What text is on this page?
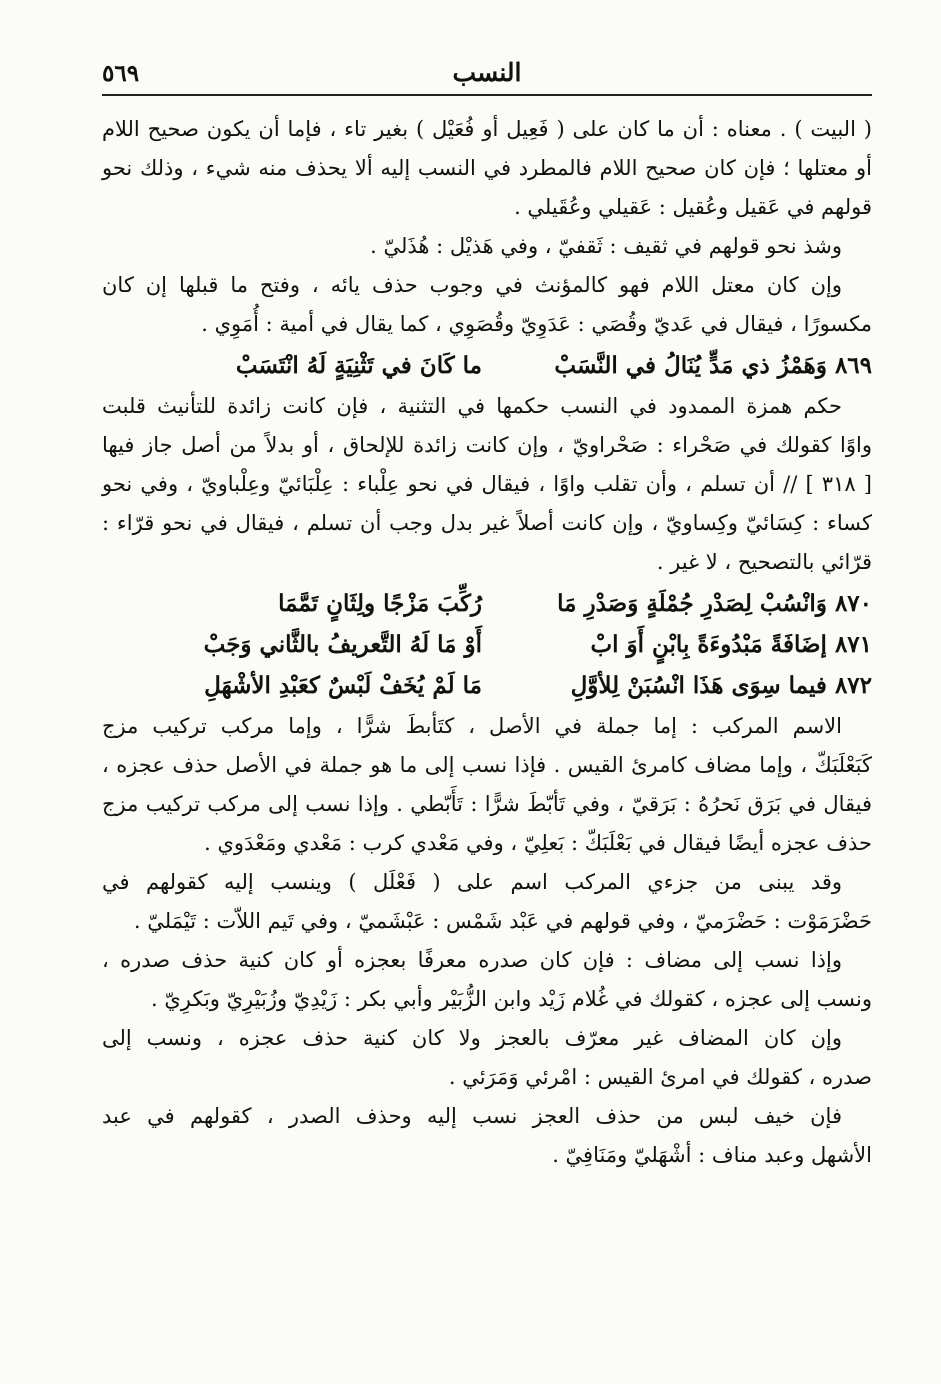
النسب
٥٦٩

( البيت ) . معناه : أن ما كان على ( فَعِيل أو فُعَيْل ) بغير تاء ، فإما أن يكون صحيح اللام

أو معتلها ؛ فإن كان صحيح اللام فالمطرد في النسب إليه ألا يحذف منه شيء ، وذلك نحو

قولهم في عَقيل وعُقيل : عَقيلي وعُقَيلي .

وشذ نحو قولهم في ثقيف : ثَقفيّ ، وفي هَذيْل : هُذَليّ .

وإن كان معتل اللام فهو كالمؤنث في وجوب حذف يائه ، وفتح ما قبلها إن كان

مكسورًا ، فيقال في عَديّ وقُصَي : عَدَوِيّ وقُصَوِي ، كما يقال في أمية : أُمَوِي .

٨٦٩ وَهَمْزُ ذي مَدٍّ يُنَالُ في النَّسَبْ
ما كَانَ في تَثْنِيَةٍ لَهُ انْتَسَبْ

حكم همزة الممدود في النسب حكمها في التثنية ، فإن كانت زائدة للتأنيث قلبت

واوًا كقولك في صَحْراء : صَحْراويّ ، وإن كانت زائدة للإلحاق ، أو بدلاً من أصل جاز فيها

[ ٣١٨ ] // أن تسلم ، وأن تقلب واوًا ، فيقال في نحو عِلْباء : عِلْبَائيّ وعِلْباويّ ، وفي نحو

كساء : كِسَائيّ وكِساويّ ، وإن كانت أصلاً غير بدل وجب أن تسلم ، فيقال في نحو قرّاء :

قرّائي بالتصحيح ، لا غير .

٨٧٠ وَانْسُبْ لِصَدْرِ جُمْلَةٍ وَصَدْرِ مَا
رُكِّبَ مَزْجًا ولِثَانٍ تَمَّمَا
٨٧١ إضَافَةً مَبْدُوءَةً بِابْنٍ أَوَ ابْ
أَوْ مَا لَهُ التَّعريفُ بالثَّاني وَجَبْ
٨٧٢ فيما سِوَى هَذَا انْسُبَنْ لِلأوَّلِ
مَا لَمْ يُخَفْ لَبْسٌ كعَبْدِ الأشْهَلِ

الاسم المركب : إما جملة في الأصل ، كتَأبطَ شرًّا ، وإما مركب تركيب مزج

كَبَعْلَبَكّ ، وإما مضاف كامرئ القيس . فإذا نسب إلى ما هو جملة في الأصل حذف عجزه ،

فيقال في بَرَق نَحرُهُ : بَرَقيّ ، وفي تَأبّطَ شرًّا : تَأَبّطي . وإذا نسب إلى مركب تركيب مزج

حذف عجزه أيضًا فيقال في بَعْلَبَكّ : بَعلِيّ ، وفي مَعْدي كرب : مَعْدي ومَعْدَوي .

وقد يبنى من جزءي المركب اسم على ( فَعْلَل ) وينسب إليه كقولهم في

حَضْرَمَوْت : حَضْرَميّ ، وفي قولهم في عَبْد شَمْس : عَبْشَميّ ، وفي تَيم اللاّت : تَيْمَليّ .

وإذا نسب إلى مضاف : فإن كان صدره معرفًا بعجزه أو كان كنية حذف صدره ،

ونسب إلى عجزه ، كقولك في غُلام زَيْد وابن الزُّبَيْر وأبي بكر : زَيْدِيّ وزُبَيْرِيّ وبَكرِيّ .

وإن كان المضاف غير معرّف بالعجز ولا كان كنية حذف عجزه ، ونسب إلى

صدره ، كقولك في امرئ القيس : امْرئي وَمَرَئي .

فإن خيف لبس من حذف العجز نسب إليه وحذف الصدر ، كقولهم في عبد

الأشهل وعبد مناف : أشْهَليّ ومَنَافِيّ .
